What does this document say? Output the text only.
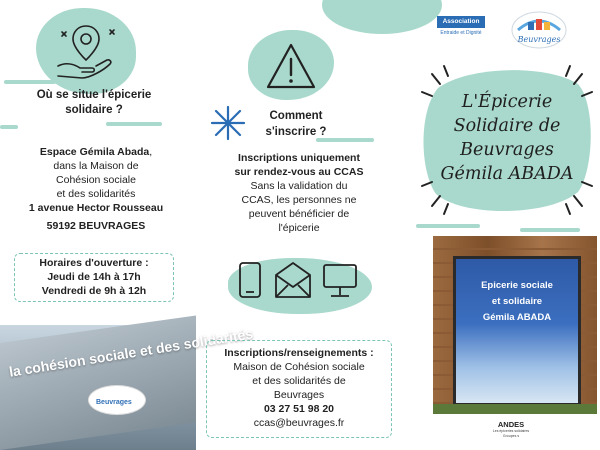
Où se situe l'épicerie
solidaire ?
Espace Gémila Abada,
dans la Maison de
Cohésion sociale
et des solidarités
1 avenue Hector Rousseau
59192 BEUVRAGES
Horaires d'ouverture :
Jeudi de 14h à 17h
Vendredi de 9h à 12h
la cohésion sociale et des solidarités
Beuvrages
Comment
s'inscrire ?
Inscriptions uniquement
sur rendez-vous au CCAS
Sans la validation du
CCAS, les personnes ne
peuvent bénéficier de
l'épicerie
Inscriptions/renseignements :
Maison de Cohésion sociale
et des solidarités de
Beuvrages
03 27 51 98 20
ccas@beuvrages.fr
Association
Entraide et Dignité
Beuvrages
L'Épicerie
Solidaire de
Beuvrages
Gémila ABADA
Epicerie sociale
et solidaire
Gémila ABADA
ANDES
Les épiceries solidaires
Groupes s
